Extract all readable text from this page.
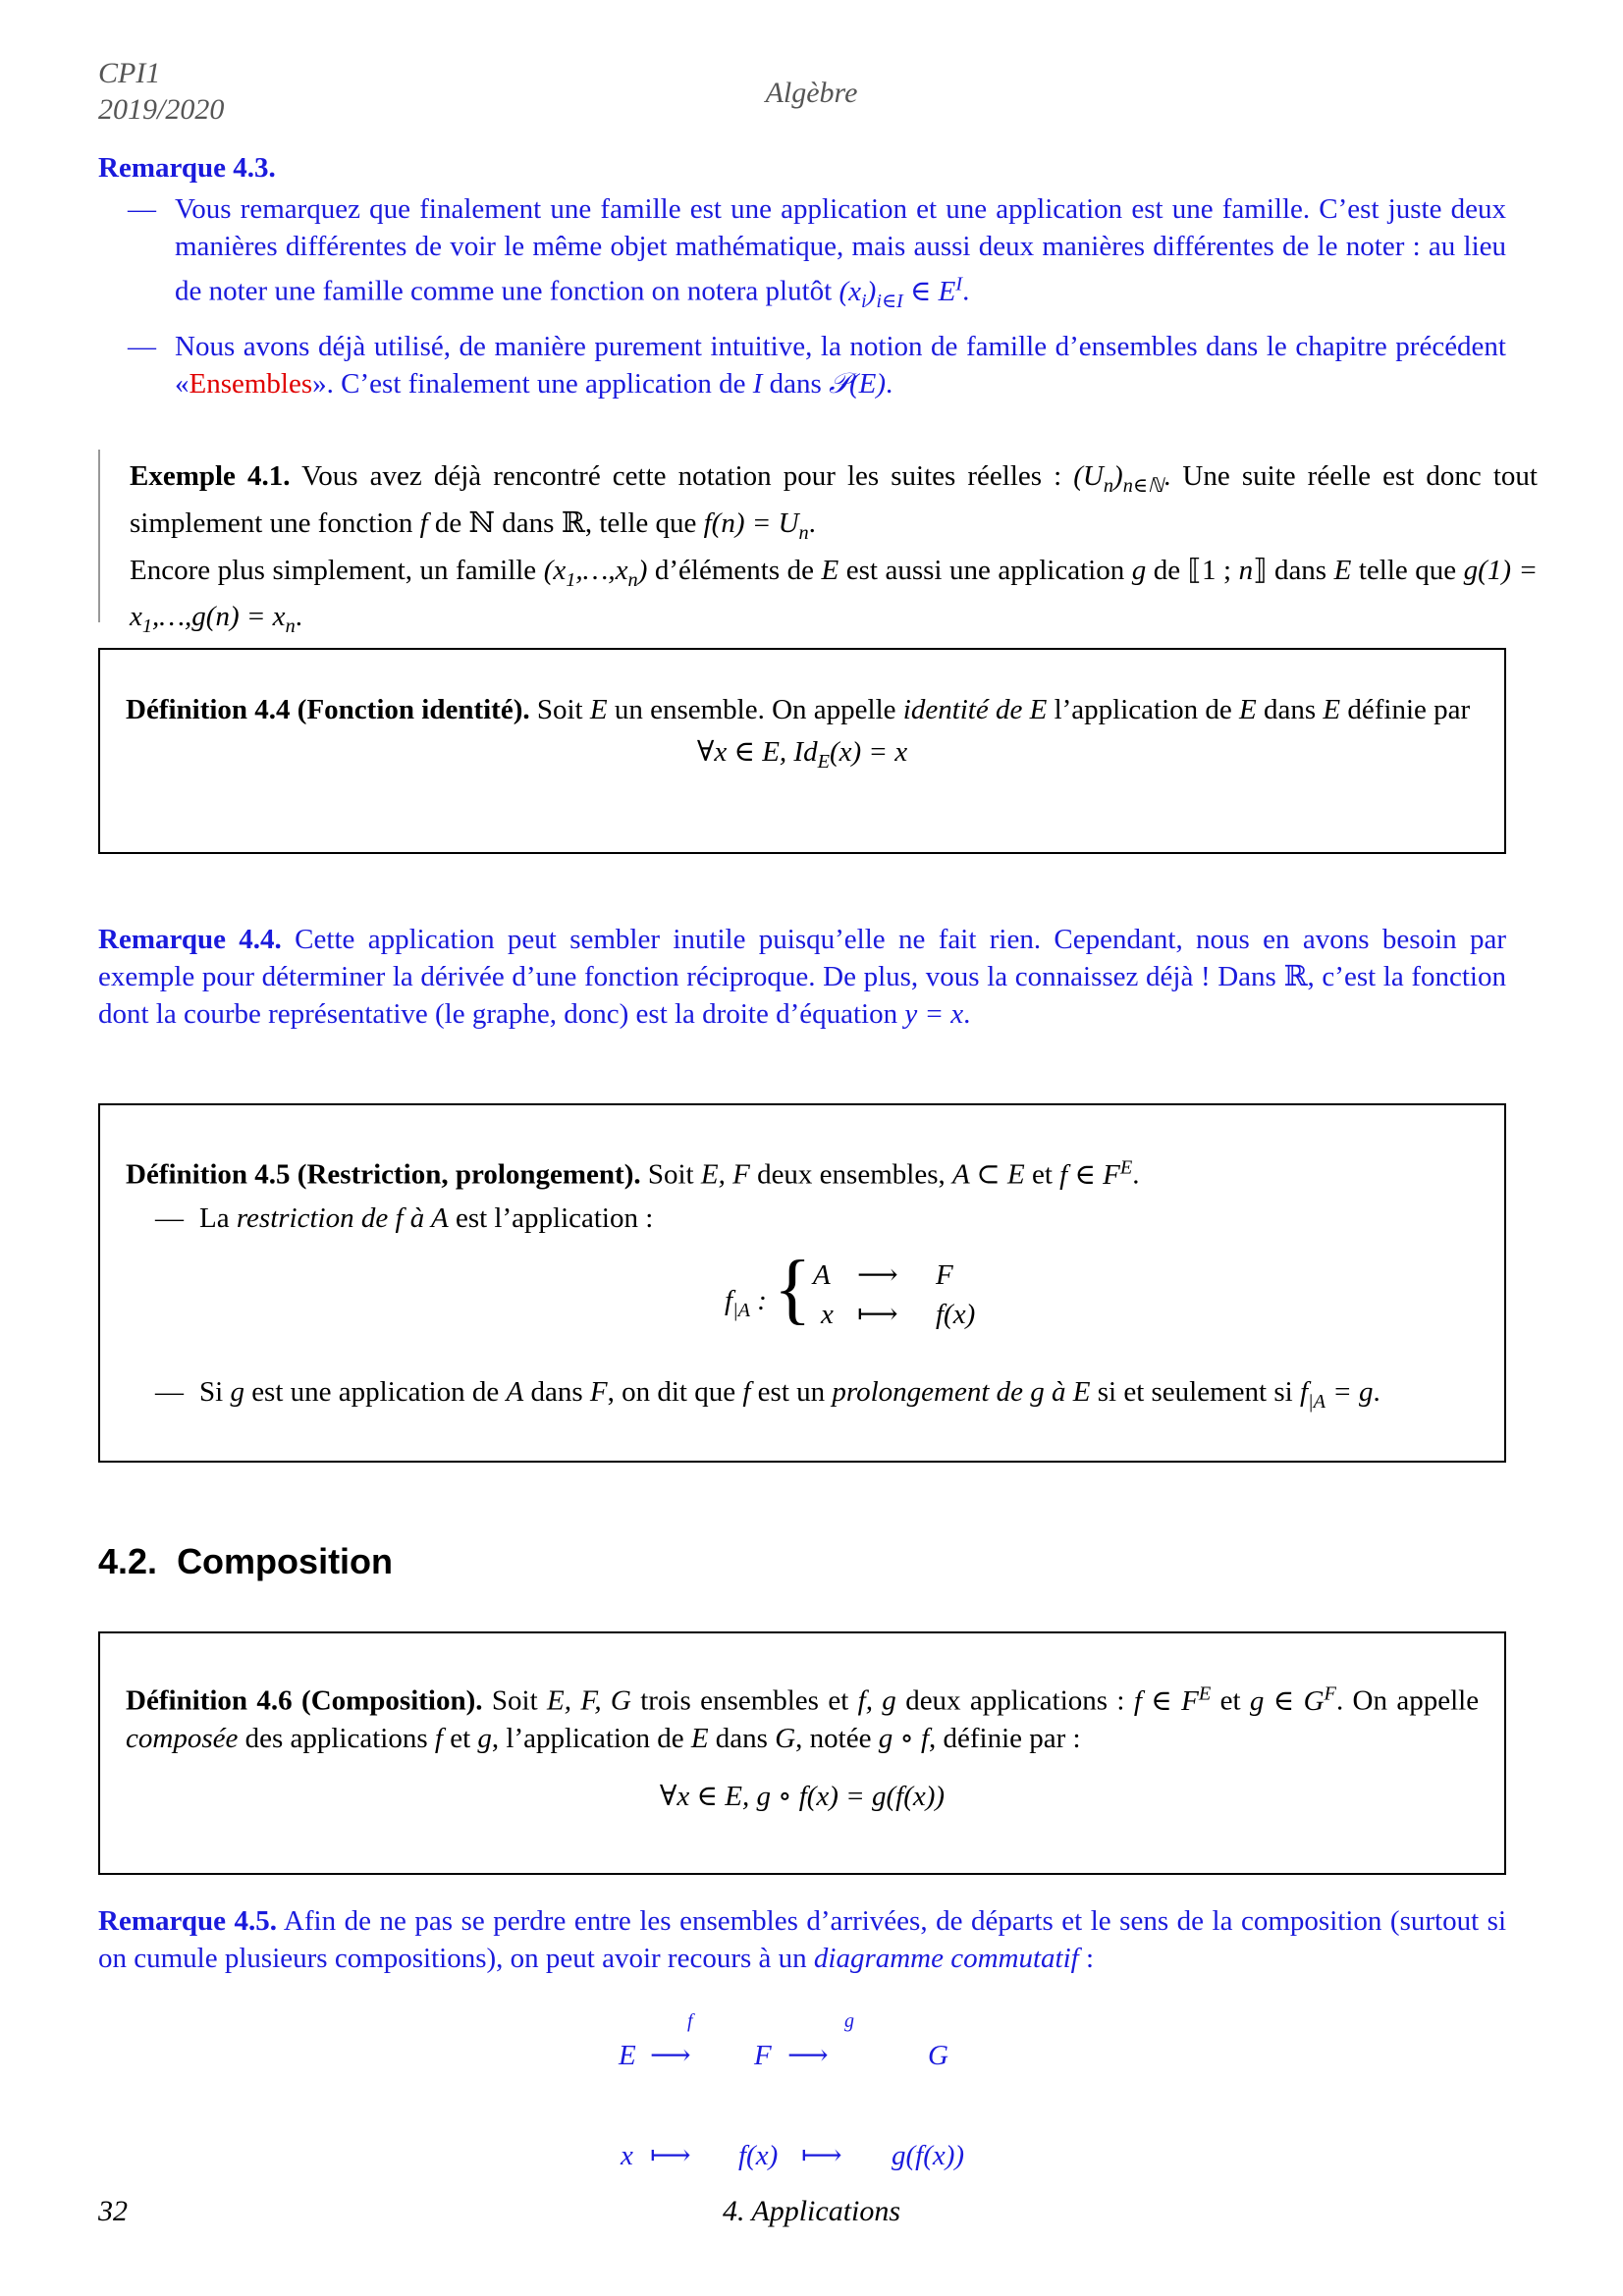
CPI1
2019/2020
Algèbre
Remarque 4.3.
— Vous remarquez que finalement une famille est une application et une application est une famille. C’est juste deux manières différentes de voir le même objet mathématique, mais aussi deux manières différentes de le noter : au lieu de noter une famille comme une fonction on notera plutôt $(x_i)_{i\in I}$ ∈ $E^I$.
— Nous avons déjà utilisé, de manière purement intuitive, la notion de famille d’ensembles dans le chapitre précédent «Ensembles». C’est finalement une application de I dans 𝒫(E).
Exemple 4.1. Vous avez déjà rencontré cette notation pour les suites réelles : $(U_n)_{n\in ℕ}$. Une suite réelle est donc tout simplement une fonction f de ℕ dans ℝ, telle que $f(n) = U_n$.
Encore plus simplement, un famille $(x_1,\dots,x_n)$ d’éléments de E est aussi une application g de ⟦1 ; n⟧ dans E telle que $g(1) = x_1,\dots,g(n) = x_n$.
Définition 4.4 (Fonction identité). Soit E un ensemble. On appelle identité de E l’application de E dans E définie par
∀x ∈ E, $Id_E(x) = x$
Remarque 4.4. Cette application peut sembler inutile puisqu’elle ne fait rien. Cependant, nous en avons besoin par exemple pour déterminer la dérivée d’une fonction réciproque. De plus, vous la connaissez déjà ! Dans ℝ, c’est la fonction dont la courbe représentative (le graphe, donc) est la droite d’équation y = x.
Définition 4.5 (Restriction, prolongement). Soit E, F deux ensembles, A ⊂ E et f ∈ $F^E$.
— La restriction de f à A est l’application :
$f_{|A}$ : { A ⟶ F
x ⟼ f(x)
— Si g est une application de A dans F, on dit que f est un prolongement de g à E si et seulement si $f_{|A} = g$.
4.2. Composition
Définition 4.6 (Composition). Soit E, F, G trois ensembles et f, g deux applications : f ∈ $F^E$ et g ∈ $G^F$. On appelle composée des applications f et g, l’application de E dans G, notée g ∘ f, définie par :
∀x ∈ E, g ∘ f(x) = g(f(x))
Remarque 4.5. Afin de ne pas se perdre entre les ensembles d’arrivées, de départs et le sens de la composition (surtout si on cumule plusieurs compositions), on peut avoir recours à un diagramme commutatif :
E
f
⟶ F
g
⟶	G
x ⟼ f(x) ⟼ g(f(x))
32	4. Applications
